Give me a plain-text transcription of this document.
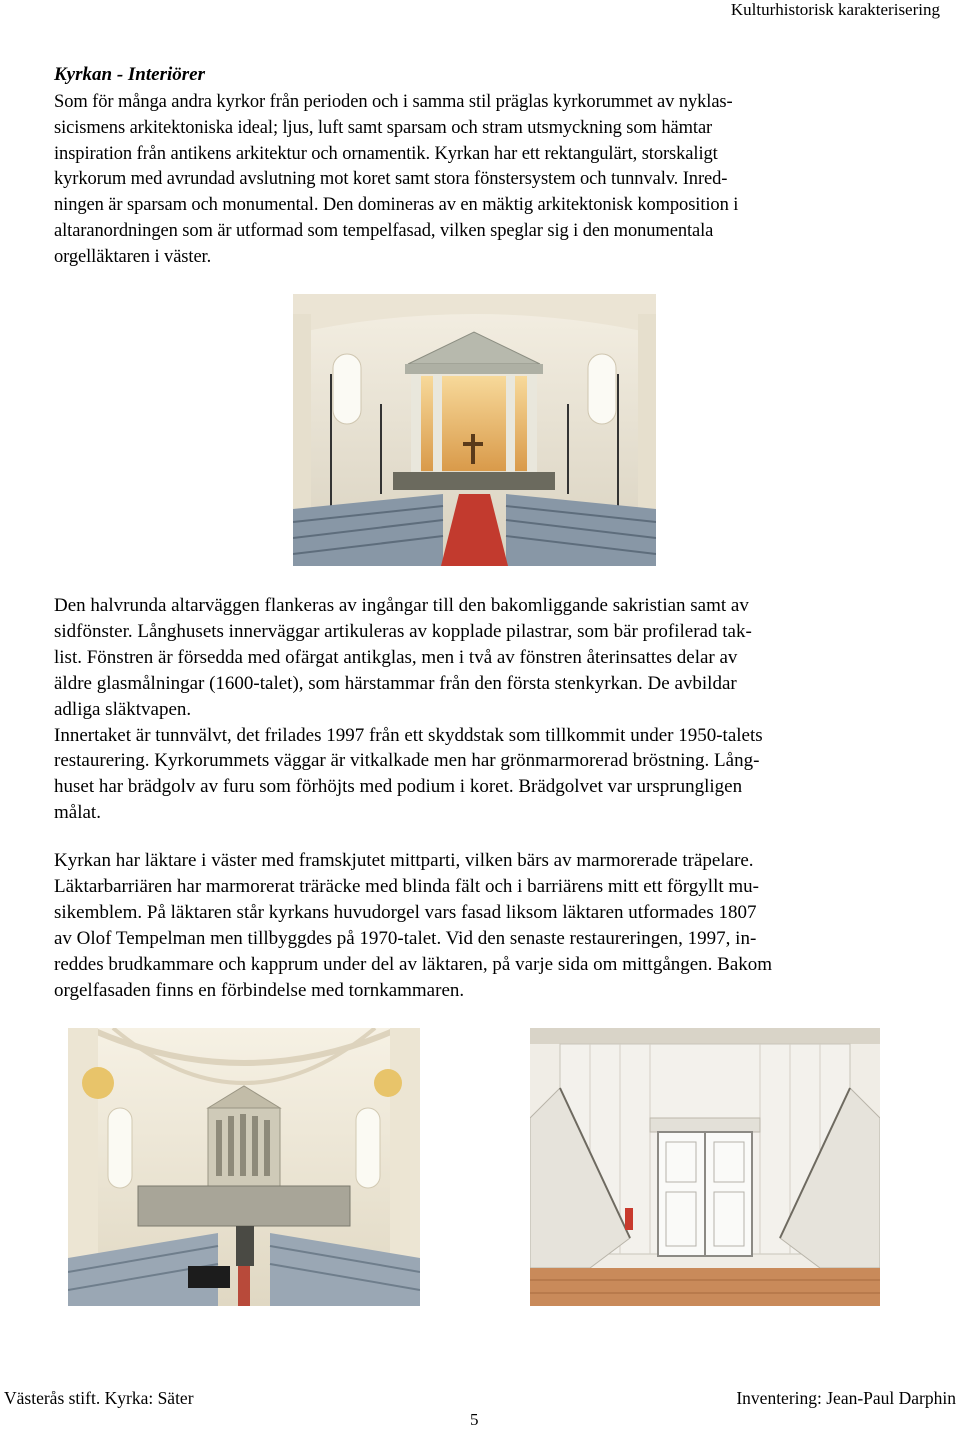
Kulturhistorisk karakterisering
Kyrkan - Interiörer
Som för många andra kyrkor från perioden och i samma stil präglas kyrkorummet av nyklas-
sicismens arkitektoniska ideal; ljus, luft samt sparsam och stram utsmyckning som hämtar
inspiration från antikens arkitektur och ornamentik. Kyrkan har ett rektangulärt, storskaligt
kyrkorum med avrundad avslutning mot koret samt stora fönstersystem och tunnvalv. Inred-
ningen är sparsam och monumental. Den domineras av en mäktig arkitektonisk komposition i
altaranordningen som är utformad som tempelfasad, vilken speglar sig i den monumentala
orgelläktaren i väster.
Den halvrunda altarväggen flankeras av ingångar till den bakomliggande sakristian samt av
sidfönster. Långhusets innerväggar artikuleras av kopplade pilastrar, som bär profilerad tak-
list. Fönstren är försedda med ofärgat antikglas, men i två av fönstren återinsattes delar av
äldre glasmålningar (1600-talet), som härstammar från den första stenkyrkan. De avbildar
adliga släktvapen.
Innertaket är tunnvälvt, det frilades 1997 från ett skyddstak som tillkommit under 1950-talets
restaurering. Kyrkorummets väggar är vitkalkade men har grönmarmorerad bröstning. Lång-
huset har brädgolv av furu som förhöjts med podium i koret. Brädgolvet var ursprungligen
målat.
Kyrkan har läktare i väster med framskjutet mittparti, vilken bärs av marmorerade träpelare.
Läktarbarriären har marmorerat träräcke med blinda fält och i barriärens mitt ett förgyllt mu-
sikemblem. På läktaren står kyrkans huvudorgel vars fasad liksom läktaren utformades 1807
av Olof Tempelman men tillbyggdes på 1970-talet. Vid den senaste restaureringen, 1997, in-
reddes brudkammare och kapprum under del av läktaren, på varje sida om mittgången. Bakom
orgelfasaden finns en förbindelse med tornkammaren.
Västerås stift. Kyrka: Säter	Inventering: Jean-Paul Darphin
5
